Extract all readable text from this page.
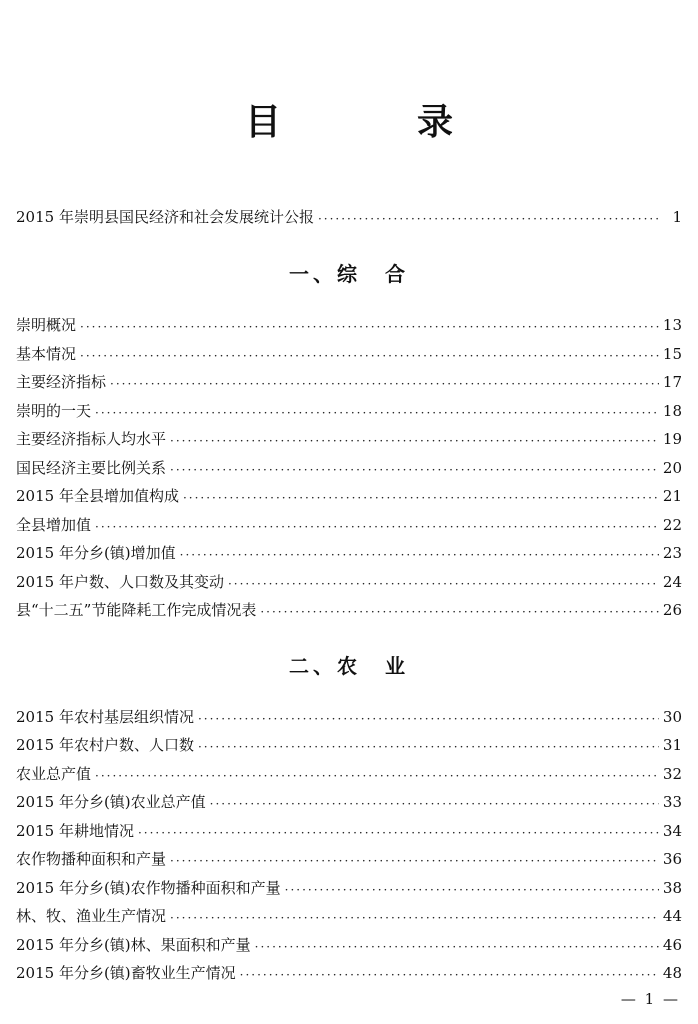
目　录
2015 年崇明县国民经济和社会发展统计公报 ·····	1
一、综　合
崇明概况 ·····	13
基本情况 ·····	15
主要经济指标 ·····	17
崇明的一天 ·····	18
主要经济指标人均水平 ·····	19
国民经济主要比例关系 ·····	20
2015 年全县增加值构成 ·····	21
全县增加值 ·····	22
2015 年分乡(镇)增加值 ·····	23
2015 年户数、人口数及其变动 ·····	24
县“十二五”节能降耗工作完成情况表 ·····	26
二、农　业
2015 年农村基层组织情况 ·····	30
2015 年农村户数、人口数 ·····	31
农业总产值 ·····	32
2015 年分乡(镇)农业总产值 ·····	33
2015 年耕地情况 ·····	34
农作物播种面积和产量 ·····	36
2015 年分乡(镇)农作物播种面积和产量 ·····	38
林、牧、渔业生产情况 ·····	44
2015 年分乡(镇)林、果面积和产量 ·····	46
2015 年分乡(镇)畜牧业生产情况 ·····	48
— 1 —
